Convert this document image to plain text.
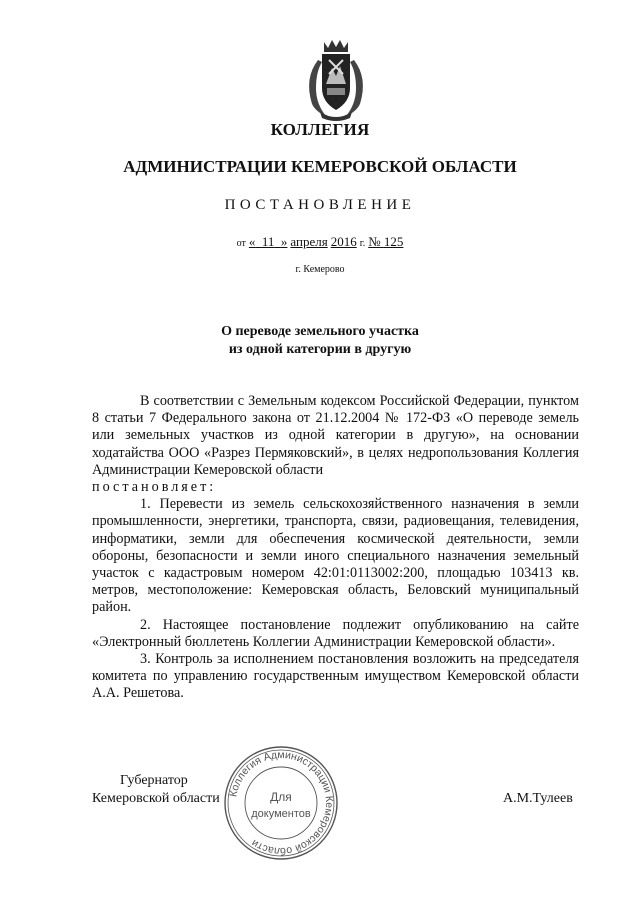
КОЛЛЕГИЯ
АДМИНИСТРАЦИИ КЕМЕРОВСКОЙ ОБЛАСТИ
ПОСТАНОВЛЕНИЕ
от « 11 » апреля 2016 г. № 125
г. Кемерово
О переводе земельного участка
из одной категории в другую

В соответствии с Земельным кодексом Российской Федерации, пунктом 8 статьи 7 Федерального закона от 21.12.2004 № 172-ФЗ «О переводе земель или земельных участков из одной категории в другую», на основании ходатайства ООО «Разрез Пермяковский», в целях недропользования Коллегия Администрации Кемеровской области

постановляет:

1. Перевести из земель сельскохозяйственного назначения в земли промышленности, энергетики, транспорта, связи, радиовещания, телевидения, информатики, земли для обеспечения космической деятельности, земли обороны, безопасности и земли иного специального назначения земельный участок с кадастровым номером 42:01:0113002:200, площадью 103413 кв. метров, местоположение: Кемеровская область, Беловский муниципальный район.

2. Настоящее постановление подлежит опубликованию на сайте «Электронный бюллетень Коллегии Администрации Кемеровской области».

3. Контроль за исполнением постановления возложить на председателя комитета по управлению государственным имуществом Кемеровской области А.А. Решетова.

Губернатор
Кемеровской области	А.М.Тулеев
Коллегия Администрации Кемеровской области
Для
документов
